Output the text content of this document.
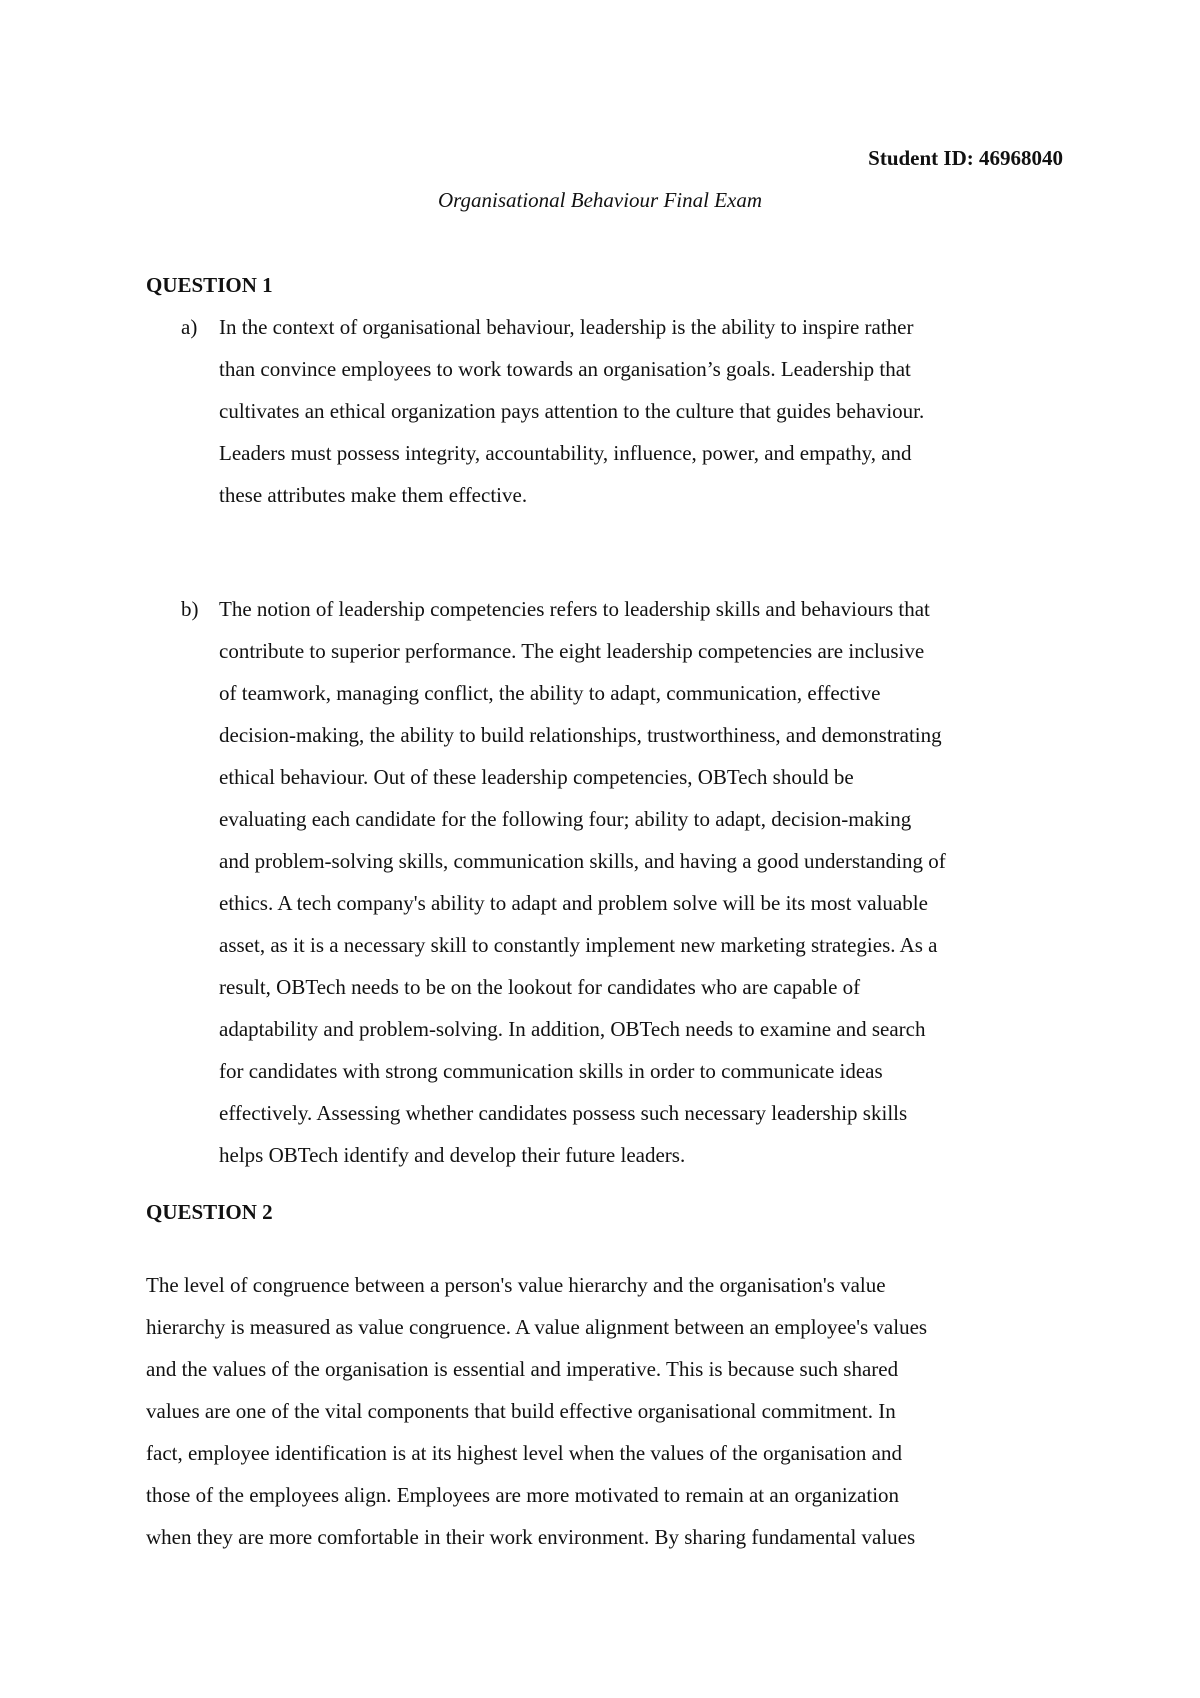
Student ID: 46968040
Organisational Behaviour Final Exam
QUESTION 1
a) In the context of organisational behaviour, leadership is the ability to inspire rather
than convince employees to work towards an organisation’s goals. Leadership that
cultivates an ethical organization pays attention to the culture that guides behaviour.
Leaders must possess integrity, accountability, influence, power, and empathy, and
these attributes make them effective.
b) The notion of leadership competencies refers to leadership skills and behaviours that
contribute to superior performance. The eight leadership competencies are inclusive
of teamwork, managing conflict, the ability to adapt, communication, effective
decision-making, the ability to build relationships, trustworthiness, and demonstrating
ethical behaviour. Out of these leadership competencies, OBTech should be
evaluating each candidate for the following four; ability to adapt, decision-making
and problem-solving skills, communication skills, and having a good understanding of
ethics. A tech company's ability to adapt and problem solve will be its most valuable
asset, as it is a necessary skill to constantly implement new marketing strategies. As a
result, OBTech needs to be on the lookout for candidates who are capable of
adaptability and problem-solving. In addition, OBTech needs to examine and search
for candidates with strong communication skills in order to communicate ideas
effectively. Assessing whether candidates possess such necessary leadership skills
helps OBTech identify and develop their future leaders.
QUESTION 2
The level of congruence between a person's value hierarchy and the organisation's value
hierarchy is measured as value congruence. A value alignment between an employee's values
and the values of the organisation is essential and imperative. This is because such shared
values are one of the vital components that build effective organisational commitment. In
fact, employee identification is at its highest level when the values of the organisation and
those of the employees align. Employees are more motivated to remain at an organization
when they are more comfortable in their work environment. By sharing fundamental values
